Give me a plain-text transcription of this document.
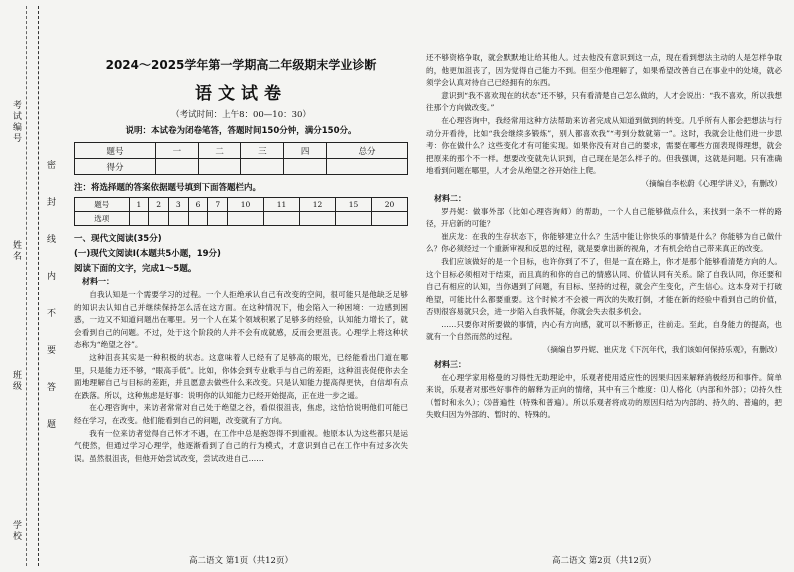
考试编号
姓名
班级
学校
密封线内不要答题
2024～2025学年第一学期高二年级期末学业诊断
语文试卷
（考试时间：上午8：00—10：30）
说明：本试卷为闭卷笔答，答题时间150分钟，满分150分。
题号	一	二	三	四	总分
得分					
注：将选择题的答案依据题号填到下面答题栏内。
题号	1	2	3	6	7	10	11	12	15	20
选项										
一、现代文阅读(35分)
(一)现代文阅读Ⅰ(本题共5小题，19分)
阅读下面的文字，完成1～5题。
材料一：
自我认知是一个需要学习的过程。一个人拒绝承认自己有改变的空间，很可能只是他缺乏足够的知识去认知自己并继续保持怎么活在这方面。在这种情况下，他会陷入一种困境：一边感到困惑，一边又不知道问题出在哪里。另一个人在某个领域积累了足够多的经验，认知能力增长了，就会看到自己的问题。不过，处于这个阶段的人并不会有成就感，反而会更沮丧。心理学上将这种状态称为“绝望之谷”。
这种沮丧其实是一种积极的状态。这意味着人已经有了足够高的眼光，已经能看出门道在哪里，只是能力还不够，“眼高手低”。比如，你体会到专业歌手与自己的差距，这种沮丧促使你去全面地理解自己与目标的差距，并且愿意去做些什么来改变。只是认知能力提高得更快，自信却有点在跌落。所以，这种焦虑是好事：说明你的认知能力已经开始提高，正在进一步之遥。
在心理咨询中，来访者常常对自己处于绝望之谷，看似很沮丧，焦虑，这恰恰说明他们可能已经在学习，在改变。他们能看到自己的问题，改变就有了方向。
我有一位来访者觉得自己怀才不遇，在工作中总是抱怨得不到重视。他原本认为这些都只是运气使然，但通过学习心理学，他逐渐看到了自己的行为模式，才意识到自己在工作中有过多次失误。虽然很沮丧，但他开始尝试改变，尝试改进自己……
还不够资格争取，就会默默地让给其他人。过去他没有意识到这一点，现在看到想法主动的人是怎样争取的，他更加沮丧了，因为觉得自己能力不到。但至少他理解了，如果希望改善自己在事业中的处境，就必须学会认真对待自己已经拥有的东西。
意识到“我不喜欢现在的状态”还不够，只有看清楚自己怎么做的，人才会说出：“我不喜欢，所以我想往那个方向做改变。”
在心理咨询中，我经常用这种方法帮助来访者完成从知道到做到的转变。几乎所有人都会把想法与行动分开看待，比如“我会继续多锻炼”，别人都喜欢我”“考到分数就第一”。这时，我就会让他们进一步思考：你在做什么？这些变化才有可能实现。如果你没有对自己的要求，需要在哪些方面表现得理想，就会把原来的那个不一样。想要改变就先认识到，自己现在是怎么样子的。但我强调，这就是问题。只有准确地看到问题在哪里，人才会从绝望之谷开始往上爬。
（摘编自李松蔚《心理学讲义》，有删改）
材料二：
罗丹妮：做事外部（比如心理咨询师）的帮助，一个人自己能够做点什么，来找到一条不一样的路径，开启新的可能？
崔庆龙：在我的生存状态下，你能够建立什么？生活中能让你快乐的事情是什么？你能够为自己做什么？你必须经过一个重新审视和反思的过程，就是要拿出新的视角，才有机会给自己带来真正的改变。
我们应该做好的是一个目标，也许你到了不了，但是一直在路上，你才是那个能够看清楚方向的人。这个目标必须相对于结束，而且真的和你的自己的情感认同、价值认同有关系。除了自我认同，你还要和自己有相应的认知，当你遇到了问题，有目标、坚持的过程，就会产生变化，产生信心。这本身对于打破绝望，可能比什么都要重要。这个时候才不会被一两次的失败打倒，才能在新的经验中看到自己的价值，否则很容易就只会，进一步陷入自我怀疑，你就会失去很多机会。
……只要你对所要做的事情，内心有方向感，就可以不断修正，往前走。至此，自身能力的提高，也就有一个自然而然的过程。
（摘编自罗丹妮、崔庆龙《下沉年代，我们该如何保持乐观》，有删改）
材料三：
在心理学家用格曼的习得性无助理论中，乐观者使用适应性的因果归因来解释消极经历和事件。简单来说，乐观者对那些好事件的解释为正向的情绪，其中有三个维度：⑴人格化（内部和外部）；⑵持久性（暂时和永久）；⑶普遍性（特殊和普遍）。所以乐观者将成功的原因归结为内部的、持久的、普遍的，把失败归因为外部的、暂时的、特殊的。
高二语文 第1页（共12页）	高二语文 第2页（共12页）
